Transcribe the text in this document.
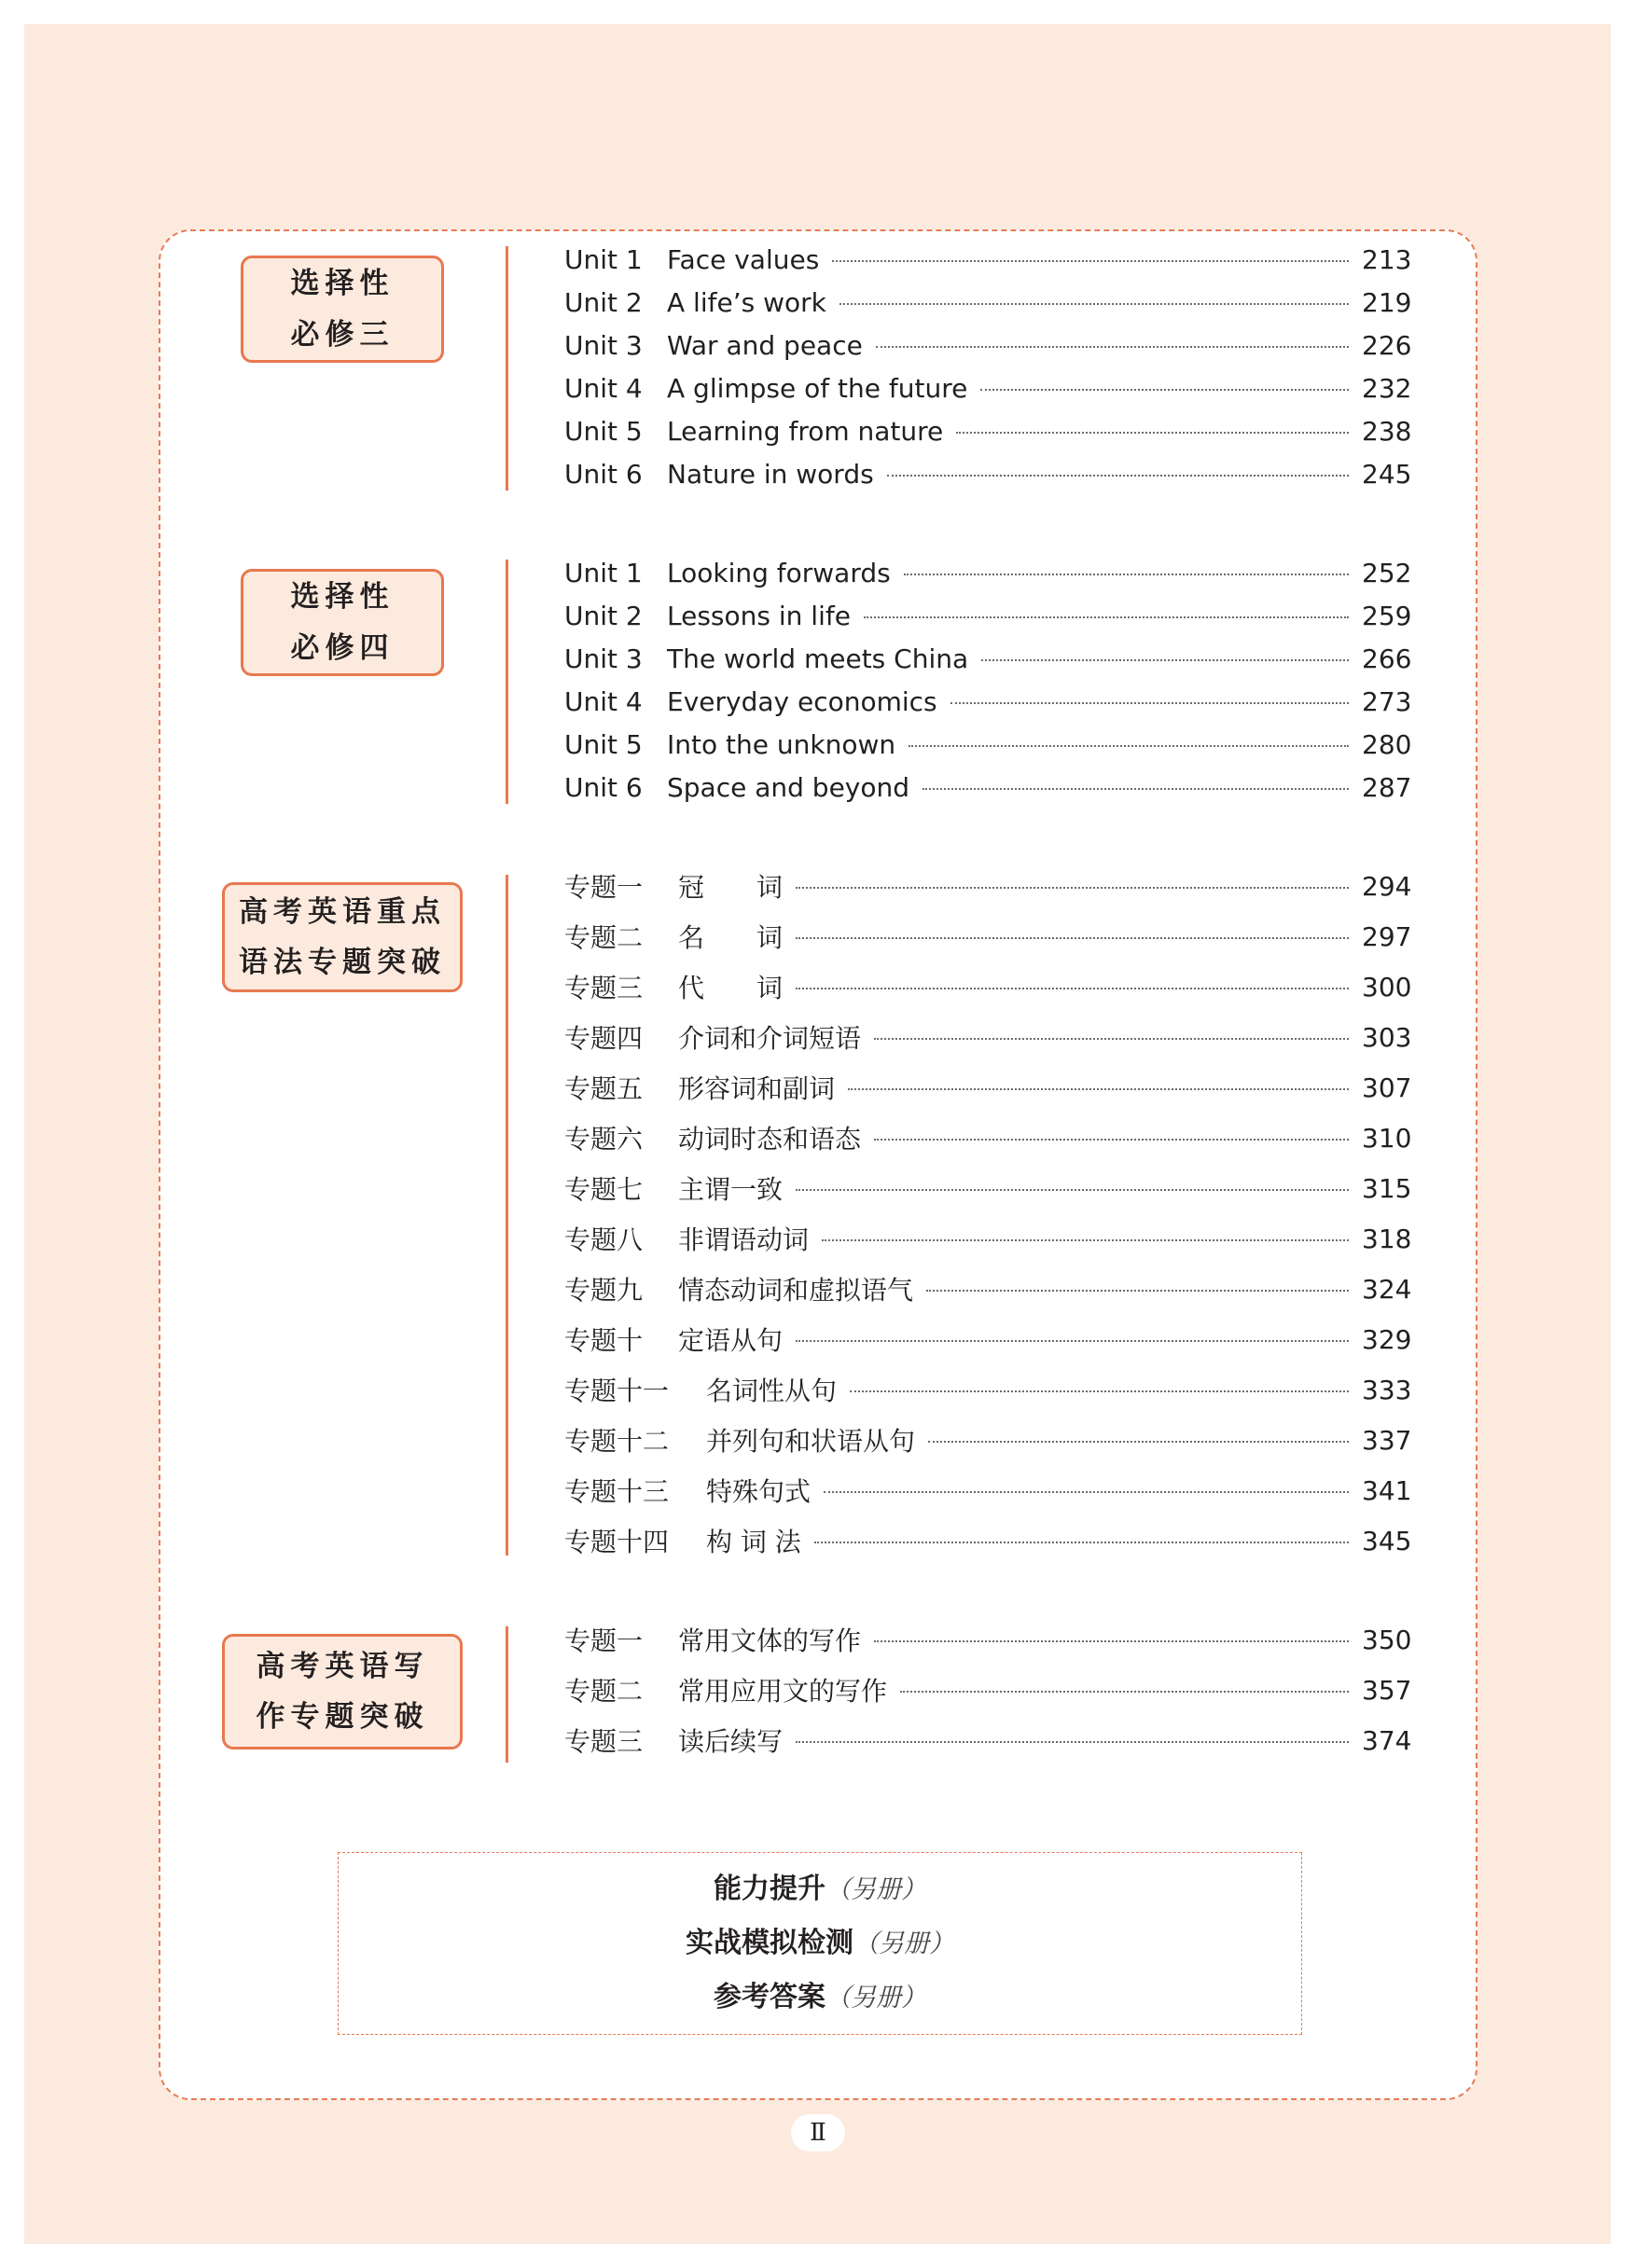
选择性
必修三
Unit 1 Face values	213
Unit 2 A life’s work	219
Unit 3 War and peace	226
Unit 4 A glimpse of the future	232
Unit 5 Learning from nature	238
Unit 6 Nature in words	245
选择性
必修四
Unit 1 Looking forwards	252
Unit 2 Lessons in life	259
Unit 3 The world meets China	266
Unit 4 Everyday economics	273
Unit 5 Into the unknown	280
Unit 6 Space and beyond	287
高考英语重点
语法专题突破
专题一	冠　　词	294
专题二	名　　词	297
专题三	代　　词	300
专题四	介词和介词短语	303
专题五	形容词和副词	307
专题六	动词时态和语态	310
专题七	主谓一致	315
专题八	非谓语动词	318
专题九	情态动词和虚拟语气	324
专题十	定语从句	329
专题十一	名词性从句	333
专题十二	并列句和状语从句	337
专题十三	特殊句式	341
专题十四	构 词 法	345
高考英语写
作专题突破
专题一	常用文体的写作	350
专题二	常用应用文的写作	357
专题三	读后续写	374
能力提升（另册）
实战模拟检测（另册）
参考答案（另册）
Ⅱ
